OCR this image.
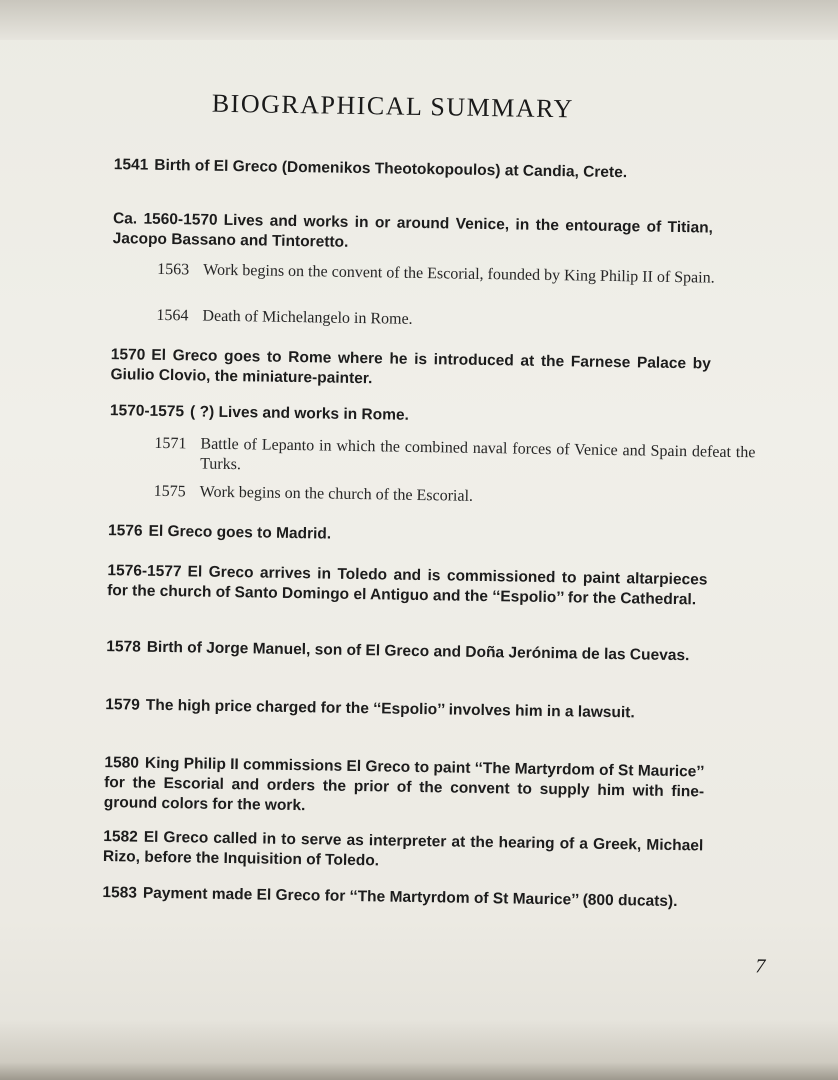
BIOGRAPHICAL SUMMARY
1541 Birth of El Greco (Domenikos Theotokopoulos) at Candia, Crete.
Ca. 1560-1570 Lives and works in or around Venice, in the entourage of Titian, Jacopo Bassano and Tintoretto.
1563 Work begins on the convent of the Escorial, founded by King Philip II of Spain.
1564 Death of Michelangelo in Rome.
1570 El Greco goes to Rome where he is introduced at the Farnese Palace by Giulio Clovio, the miniature-painter.
1570-1575 ( ?) Lives and works in Rome.
1571 Battle of Lepanto in which the combined naval forces of Venice and Spain defeat the Turks.
1575 Work begins on the church of the Escorial.
1576 El Greco goes to Madrid.
1576-1577 El Greco arrives in Toledo and is commissioned to paint altarpieces for the church of Santo Domingo el Antiguo and the ‘‘Espolio’’ for the Cathedral.
1578 Birth of Jorge Manuel, son of El Greco and Doña Jerónima de las Cuevas.
1579 The high price charged for the ‘‘Espolio’’ involves him in a lawsuit.
1580 King Philip II commissions El Greco to paint ‘‘The Martyrdom of St Maurice’’ for the Escorial and orders the prior of the convent to supply him with fine-ground colors for the work.
1582 El Greco called in to serve as interpreter at the hearing of a Greek, Michael Rizo, before the Inquisition of Toledo.
1583 Payment made El Greco for ‘‘The Martyrdom of St Maurice’’ (800 ducats).
7
